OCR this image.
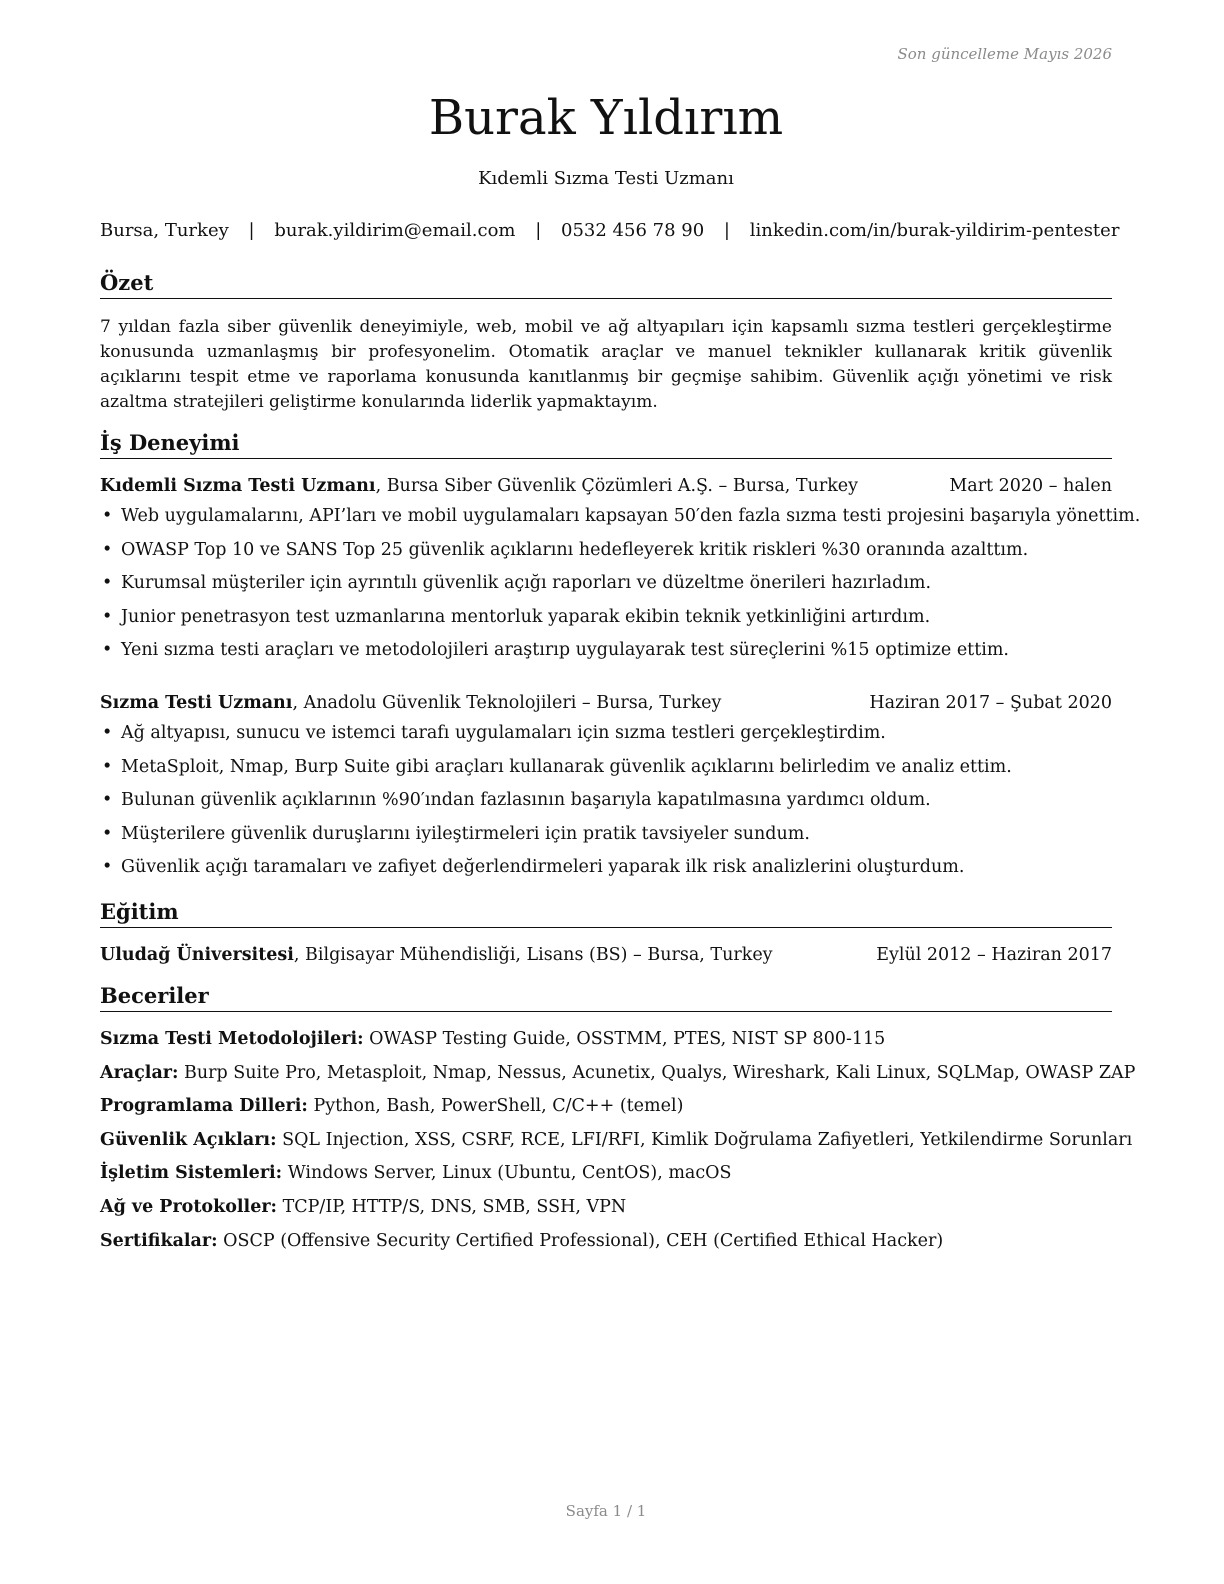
Son güncelleme Mayıs 2026
Burak Yıldırım
Kıdemli Sızma Testi Uzmanı
Bursa, Turkey | burak.yildirim@email.com | 0532 456 78 90 | linkedin.com/in/burak-yildirim-pentester
Özet

7 yıldan fazla siber güvenlik deneyimiyle, web, mobil ve ağ altyapıları için kapsamlı sızma testleri gerçekleştirme konusunda uzmanlaşmış bir profesyonelim. Otomatik araçlar ve manuel teknikler kullanarak kritik güvenlik açıklarını tespit etme ve raporlama konusunda kanıtlanmış bir geçmişe sahibim. Güvenlik açığı yönetimi ve risk azaltma stratejileri geliştirme konularında liderlik yapmaktayım.

İş Deneyimi
Kıdemli Sızma Testi Uzmanı, Bursa Siber Güvenlik Çözümleri A.Ş. – Bursa, Turkey	Mart 2020 – halen
• Web uygulamalarını, API’ları ve mobil uygulamaları kapsayan 50′den fazla sızma testi projesini başarıyla yönettim.
• OWASP Top 10 ve SANS Top 25 güvenlik açıklarını hedefleyerek kritik riskleri %30 oranında azalttım.
• Kurumsal müşteriler için ayrıntılı güvenlik açığı raporları ve düzeltme önerileri hazırladım.
• Junior penetrasyon test uzmanlarına mentorluk yaparak ekibin teknik yetkinliğini artırdım.
• Yeni sızma testi araçları ve metodolojileri araştırıp uygulayarak test süreçlerini %15 optimize ettim.
Sızma Testi Uzmanı, Anadolu Güvenlik Teknolojileri – Bursa, Turkey	Haziran 2017 – Şubat 2020
• Ağ altyapısı, sunucu ve istemci tarafı uygulamaları için sızma testleri gerçekleştirdim.
• MetaSploit, Nmap, Burp Suite gibi araçları kullanarak güvenlik açıklarını belirledim ve analiz ettim.
• Bulunan güvenlik açıklarının %90′ından fazlasının başarıyla kapatılmasına yardımcı oldum.
• Müşterilere güvenlik duruşlarını iyileştirmeleri için pratik tavsiyeler sundum.
• Güvenlik açığı taramaları ve zafiyet değerlendirmeleri yaparak ilk risk analizlerini oluşturdum.
Eğitim
Uludağ Üniversitesi, Bilgisayar Mühendisliği, Lisans (BS) – Bursa, Turkey	Eylül 2012 – Haziran 2017
Beceriler
Sızma Testi Metodolojileri: OWASP Testing Guide, OSSTMM, PTES, NIST SP 800-115
Araçlar: Burp Suite Pro, Metasploit, Nmap, Nessus, Acunetix, Qualys, Wireshark, Kali Linux, SQLMap, OWASP ZAP
Programlama Dilleri: Python, Bash, PowerShell, C/C++ (temel)
Güvenlik Açıkları: SQL Injection, XSS, CSRF, RCE, LFI/RFI, Kimlik Doğrulama Zafiyetleri, Yetkilendirme Sorunları
İşletim Sistemleri: Windows Server, Linux (Ubuntu, CentOS), macOS
Ağ ve Protokoller: TCP/IP, HTTP/S, DNS, SMB, SSH, VPN
Sertifikalar: OSCP (Offensive Security Certified Professional), CEH (Certified Ethical Hacker)
Sayfa 1 / 1
